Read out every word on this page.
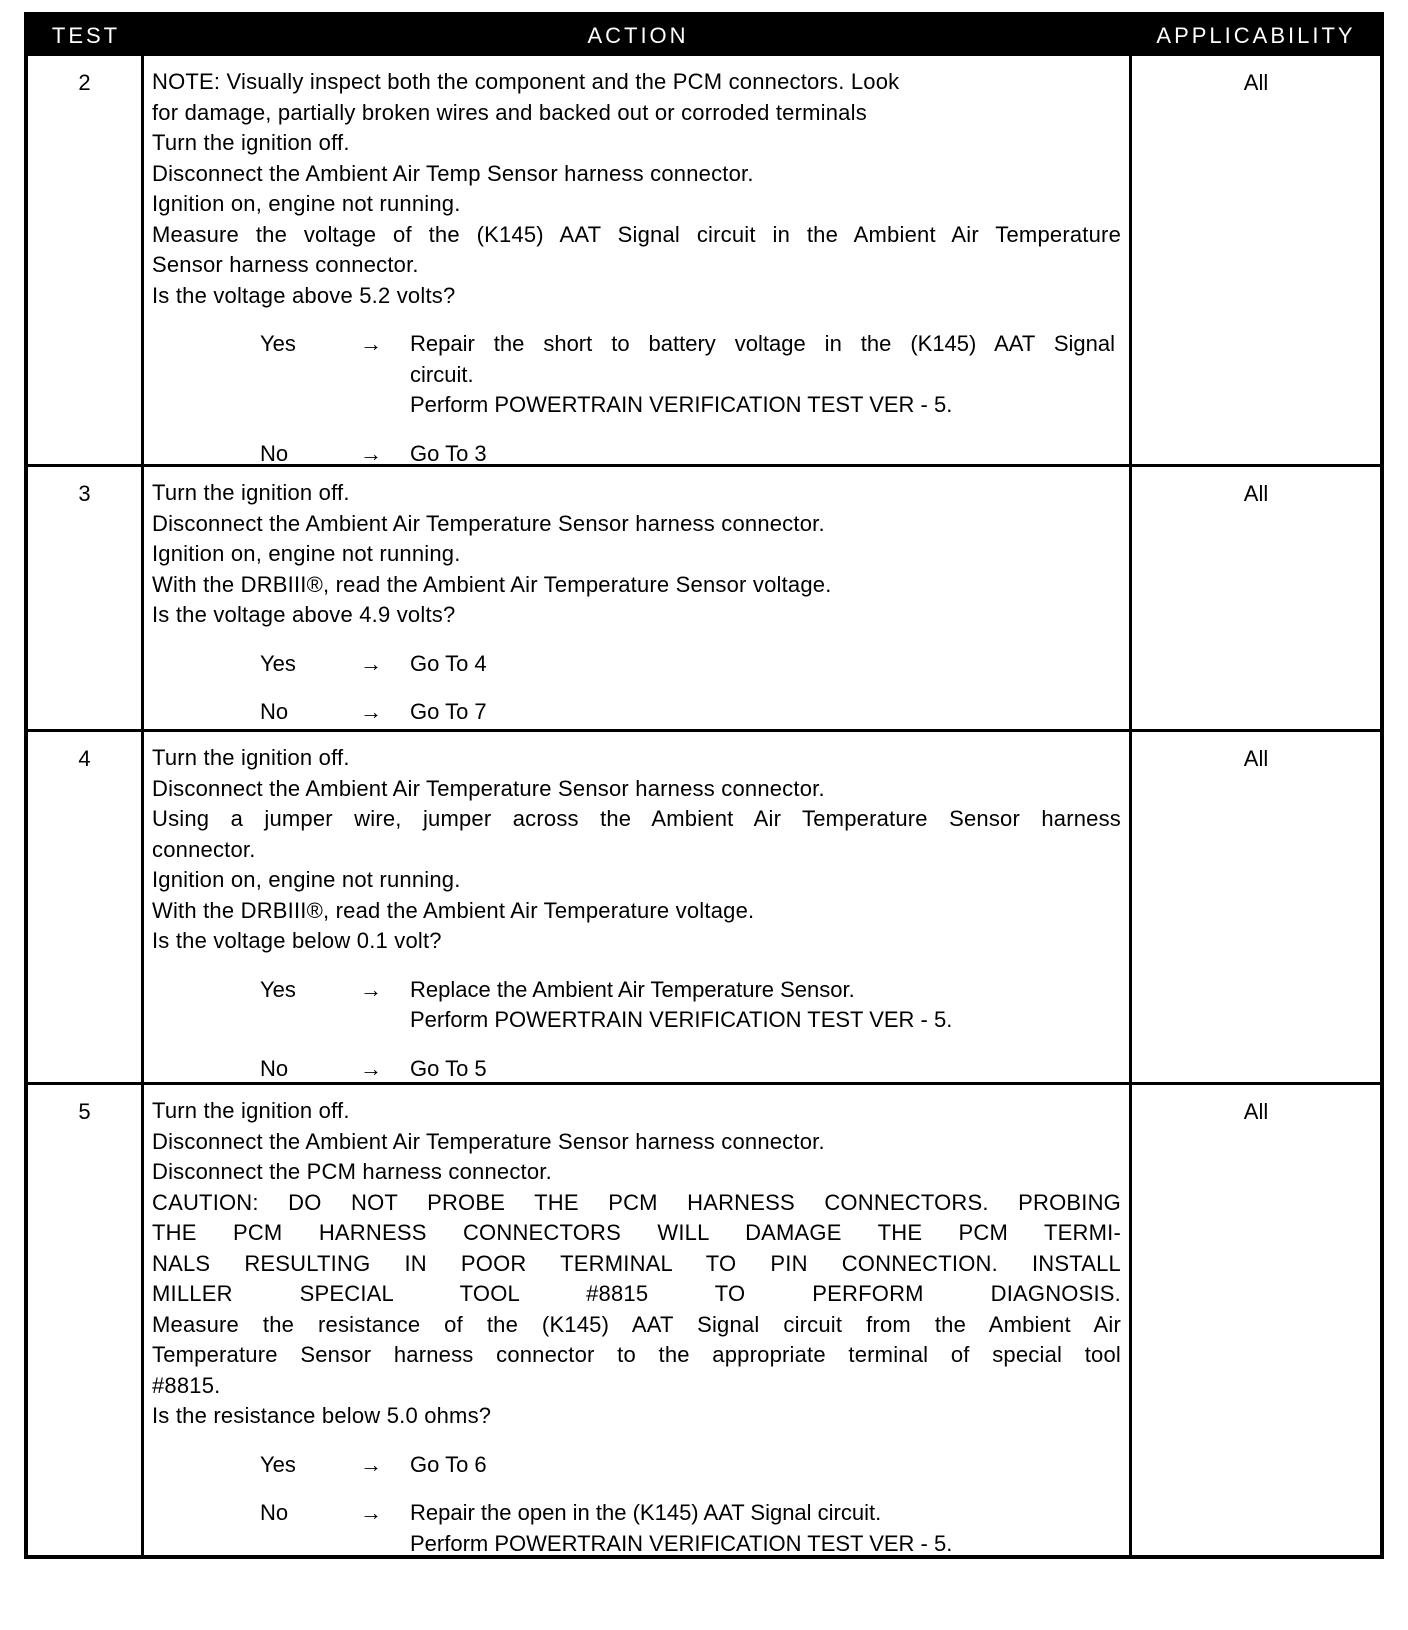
TEST	ACTION	APPLICABILITY
2	NOTE: Visually inspect both the component and the PCM connectors. Look
for damage, partially broken wires and backed out or corroded terminals
Turn the ignition off.
Disconnect the Ambient Air Temp Sensor harness connector.
Ignition on, engine not running.
Measure the voltage of the (K145) AAT Signal circuit in the Ambient Air Temperature
Sensor harness connector.
Is the voltage above 5.2 volts?
Yes	→	Repair the short to battery voltage in the (K145) AAT Signal
circuit.
Perform POWERTRAIN VERIFICATION TEST VER - 5.
No	→	Go To 3
All
3	Turn the ignition off.
Disconnect the Ambient Air Temperature Sensor harness connector.
Ignition on, engine not running.
With the DRBIII®, read the Ambient Air Temperature Sensor voltage.
Is the voltage above 4.9 volts?
Yes	→	Go To 4
No	→	Go To 7
All
4	Turn the ignition off.
Disconnect the Ambient Air Temperature Sensor harness connector.
Using a jumper wire, jumper across the Ambient Air Temperature Sensor harness
connector.
Ignition on, engine not running.
With the DRBIII®, read the Ambient Air Temperature voltage.
Is the voltage below 0.1 volt?
Yes	→	Replace the Ambient Air Temperature Sensor.
Perform POWERTRAIN VERIFICATION TEST VER - 5.
No	→	Go To 5
All
5	Turn the ignition off.
Disconnect the Ambient Air Temperature Sensor harness connector.
Disconnect the PCM harness connector.
CAUTION: DO NOT PROBE THE PCM HARNESS CONNECTORS. PROBING
THE PCM HARNESS CONNECTORS WILL DAMAGE THE PCM TERMI-
NALS RESULTING IN POOR TERMINAL TO PIN CONNECTION. INSTALL
MILLER SPECIAL TOOL #8815 TO PERFORM DIAGNOSIS.
Measure the resistance of the (K145) AAT Signal circuit from the Ambient Air
Temperature Sensor harness connector to the appropriate terminal of special tool
#8815.
Is the resistance below 5.0 ohms?
Yes	→	Go To 6
No	→	Repair the open in the (K145) AAT Signal circuit.
Perform POWERTRAIN VERIFICATION TEST VER - 5.
All
